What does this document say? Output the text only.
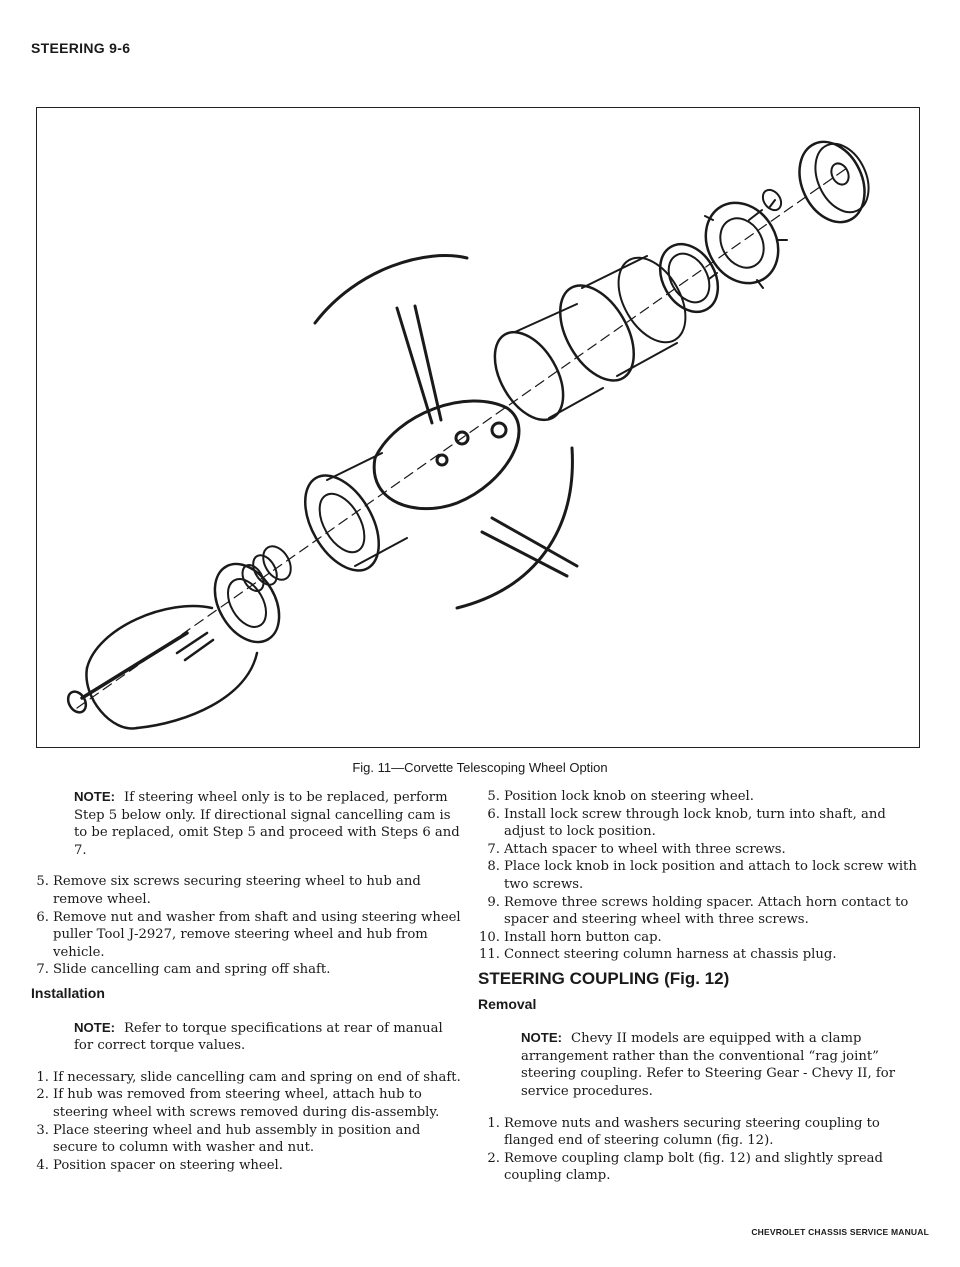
STEERING 9-6
Fig. 11—Corvette Telescoping Wheel Option

NOTE: If steering wheel only is to be replaced, perform Step 5 below only. If directional signal cancelling cam is to be replaced, omit Step 5 and proceed with Steps 6 and 7.

5. Remove six screws securing steering wheel to hub and remove wheel.
6. Remove nut and washer from shaft and using steering wheel puller Tool J-2927, remove steering wheel and hub from vehicle.
7. Slide cancelling cam and spring off shaft.
Installation

NOTE: Refer to torque specifications at rear of manual for correct torque values.

1. If necessary, slide cancelling cam and spring on end of shaft.
2. If hub was removed from steering wheel, attach hub to steering wheel with screws removed during dis-assembly.
3. Place steering wheel and hub assembly in position and secure to column with washer and nut.
4. Position spacer on steering wheel.
5. Position lock knob on steering wheel.
6. Install lock screw through lock knob, turn into shaft, and adjust to lock position.
7. Attach spacer to wheel with three screws.
8. Place lock knob in lock position and attach to lock screw with two screws.
9. Remove three screws holding spacer. Attach horn contact to spacer and steering wheel with three screws.
10. Install horn button cap.
11. Connect steering column harness at chassis plug.
STEERING COUPLING (Fig. 12)
Removal

NOTE: Chevy II models are equipped with a clamp arrangement rather than the conventional “rag joint” steering coupling. Refer to Steering Gear - Chevy II, for service procedures.

1. Remove nuts and washers securing steering coupling to flanged end of steering column (fig. 12).
2. Remove coupling clamp bolt (fig. 12) and slightly spread coupling clamp.
CHEVROLET CHASSIS SERVICE MANUAL
